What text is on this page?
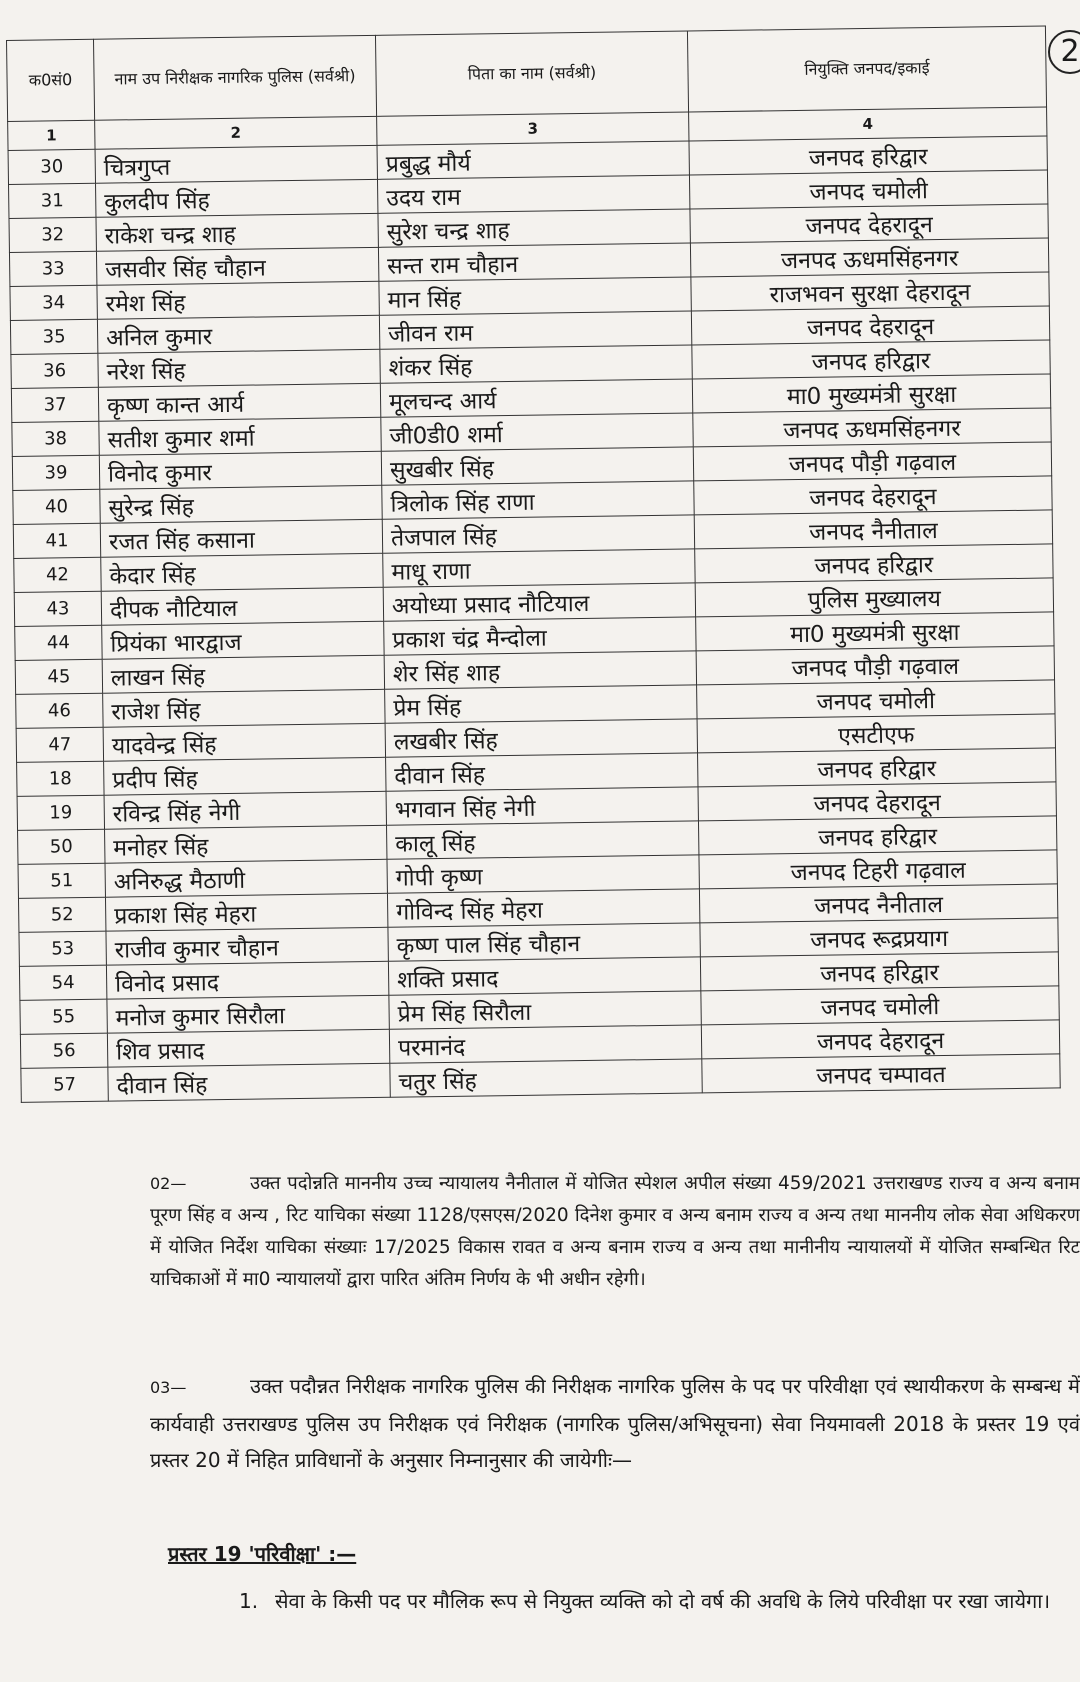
2
क0सं0	नाम उप निरीक्षक नागरिक पुलिस (सर्वश्री)	पिता का नाम (सर्वश्री)	नियुक्ति जनपद/इकाई
1	2	3	4
30	चित्रगुप्त	प्रबुद्ध मौर्य	जनपद हरिद्वार
31	कुलदीप सिंह	उदय राम	जनपद चमोली
32	राकेश चन्द्र शाह	सुरेश चन्द्र शाह	जनपद देहरादून
33	जसवीर सिंह चौहान	सन्त राम चौहान	जनपद ऊधमसिंहनगर
34	रमेश सिंह	मान सिंह	राजभवन सुरक्षा देहरादून
35	अनिल कुमार	जीवन राम	जनपद देहरादून
36	नरेश सिंह	शंकर सिंह	जनपद हरिद्वार
37	कृष्ण कान्त आर्य	मूलचन्द आर्य	मा0 मुख्यमंत्री सुरक्षा
38	सतीश कुमार शर्मा	जी0डी0 शर्मा	जनपद ऊधमसिंहनगर
39	विनोद कुमार	सुखबीर सिंह	जनपद पौड़ी गढ़वाल
40	सुरेन्द्र सिंह	त्रिलोक सिंह राणा	जनपद देहरादून
41	रजत सिंह कसाना	तेजपाल सिंह	जनपद नैनीताल
42	केदार सिंह	माधू राणा	जनपद हरिद्वार
43	दीपक नौटियाल	अयोध्या प्रसाद नौटियाल	पुलिस मुख्यालय
44	प्रियंका भारद्वाज	प्रकाश चंद्र मैन्दोला	मा0 मुख्यमंत्री सुरक्षा
45	लाखन सिंह	शेर सिंह शाह	जनपद पौड़ी गढ़वाल
46	राजेश सिंह	प्रेम सिंह	जनपद चमोली
47	यादवेन्द्र सिंह	लखबीर सिंह	एसटीएफ
18	प्रदीप सिंह	दीवान सिंह	जनपद हरिद्वार
19	रविन्द्र सिंह नेगी	भगवान सिंह नेगी	जनपद देहरादून
50	मनोहर सिंह	कालू सिंह	जनपद हरिद्वार
51	अनिरुद्ध मैठाणी	गोपी कृष्ण	जनपद टिहरी गढ़वाल
52	प्रकाश सिंह मेहरा	गोविन्द सिंह मेहरा	जनपद नैनीताल
53	राजीव कुमार चौहान	कृष्ण पाल सिंह चौहान	जनपद रूद्रप्रयाग
54	विनोद प्रसाद	शक्ति प्रसाद	जनपद हरिद्वार
55	मनोज कुमार सिरौला	प्रेम सिंह सिरौला	जनपद चमोली
56	शिव प्रसाद	परमानंद	जनपद देहरादून
57	दीवान सिंह	चतुर सिंह	जनपद चम्पावत
02—	उक्त पदोन्नति माननीय उच्च न्यायालय नैनीताल में योजित स्पेशल अपील संख्या 459/2021 उत्तराखण्ड राज्य व अन्य बनाम पूरण सिंह व अन्य , रिट याचिका संख्या 1128/एसएस/2020 दिनेश कुमार व अन्य बनाम राज्य व अन्य तथा माननीय लोक सेवा अधिकरण में योजित निर्देश याचिका संख्याः 17/2025 विकास रावत व अन्य बनाम राज्य व अन्य तथा मानीनीय न्यायालयों में योजित सम्बन्धित रिट याचिकाओं में मा0 न्यायालयों द्वारा पारित अंतिम निर्णय के भी अधीन रहेगी।
03—	उक्त पदौन्नत निरीक्षक नागरिक पुलिस की निरीक्षक नागरिक पुलिस के पद पर परिवीक्षा एवं स्थायीकरण के सम्बन्ध में कार्यवाही उत्तराखण्ड पुलिस उप निरीक्षक एवं निरीक्षक (नागरिक पुलिस/अभिसूचना) सेवा नियमावली 2018 के प्रस्तर 19 एवं प्रस्तर 20 में निहित प्राविधानों के अनुसार निम्नानुसार की जायेगीः—
प्रस्तर 19 'परिवीक्षा' :—
1. सेवा के किसी पद पर मौलिक रूप से नियुक्त व्यक्ति को दो वर्ष की अवधि के लिये परिवीक्षा पर रखा जायेगा।
